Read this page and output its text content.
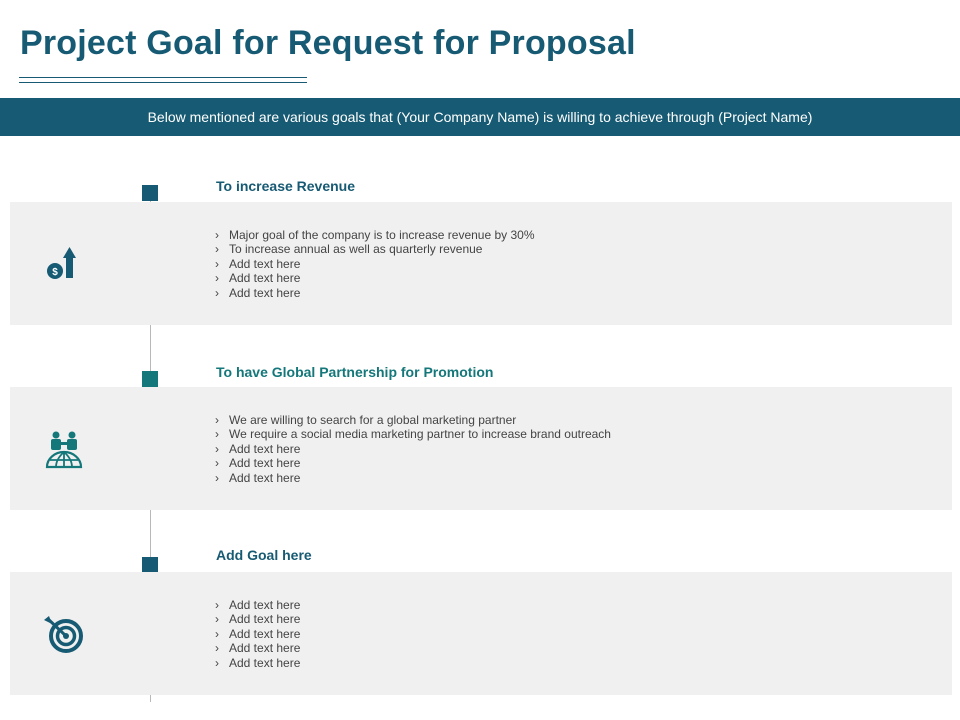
Project Goal for Request for Proposal
Below mentioned are various goals that (Your Company Name) is willing to achieve through (Project Name)
To increase Revenue
$
› Major goal of the company is to increase revenue by 30%
› To increase annual as well as quarterly revenue
› Add text here
› Add text here
› Add text here
To have Global Partnership for Promotion
› We are willing to search for a global marketing partner
› We require a social media marketing partner to increase brand outreach
› Add text here
› Add text here
› Add text here
Add Goal here
› Add text here
› Add text here
› Add text here
› Add text here
› Add text here
